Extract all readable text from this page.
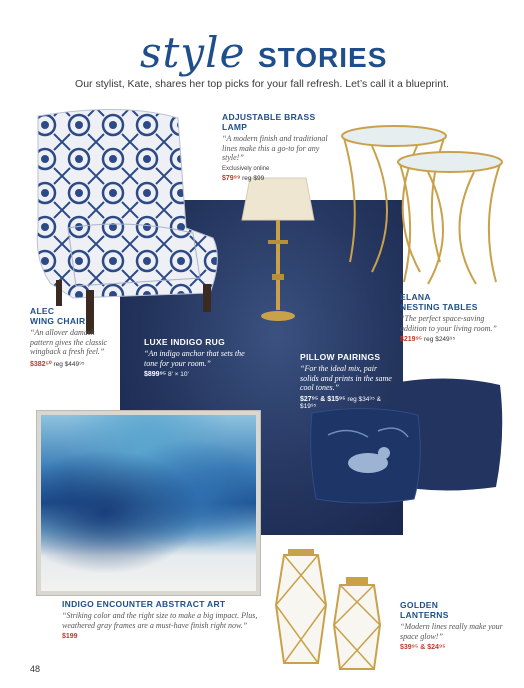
style STORIES
Our stylist, Kate, shares her top picks for your fall refresh. Let’s call it a blueprint.
ADJUSTABLE BRASS LAMP
“A modern finish and traditional lines make this a go-to for any style!”
Exclusively online
$79⁹⁹ reg $99
ALEC
WING CHAIR
“An allover damask pattern gives the classic wingback a fresh feel.”
$382⁵⁰ reg $449⁹⁵
LUXE INDIGO RUG
“An indigo anchor that sets the tone for your room.”
$899⁹⁵ 8' × 10'
ELANA
NESTING TABLES
“The perfect space-saving addition to your living room.”
$219⁹⁵ reg $249⁹⁵
PILLOW PAIRINGS
“For the ideal mix, pair solids and prints in the same cool tones.”
$27⁹⁵ & $15⁹⁵ reg $34⁹⁵ & $19⁹⁵
INDIGO ENCOUNTER ABSTRACT ART
“Striking color and the right size to make a big impact. Plus, weathered gray frames are a must-have finish right now.”
$199
GOLDEN
LANTERNS
“Modern lines really make your space glow!”
$39⁹⁵ & $24⁹⁵
48
